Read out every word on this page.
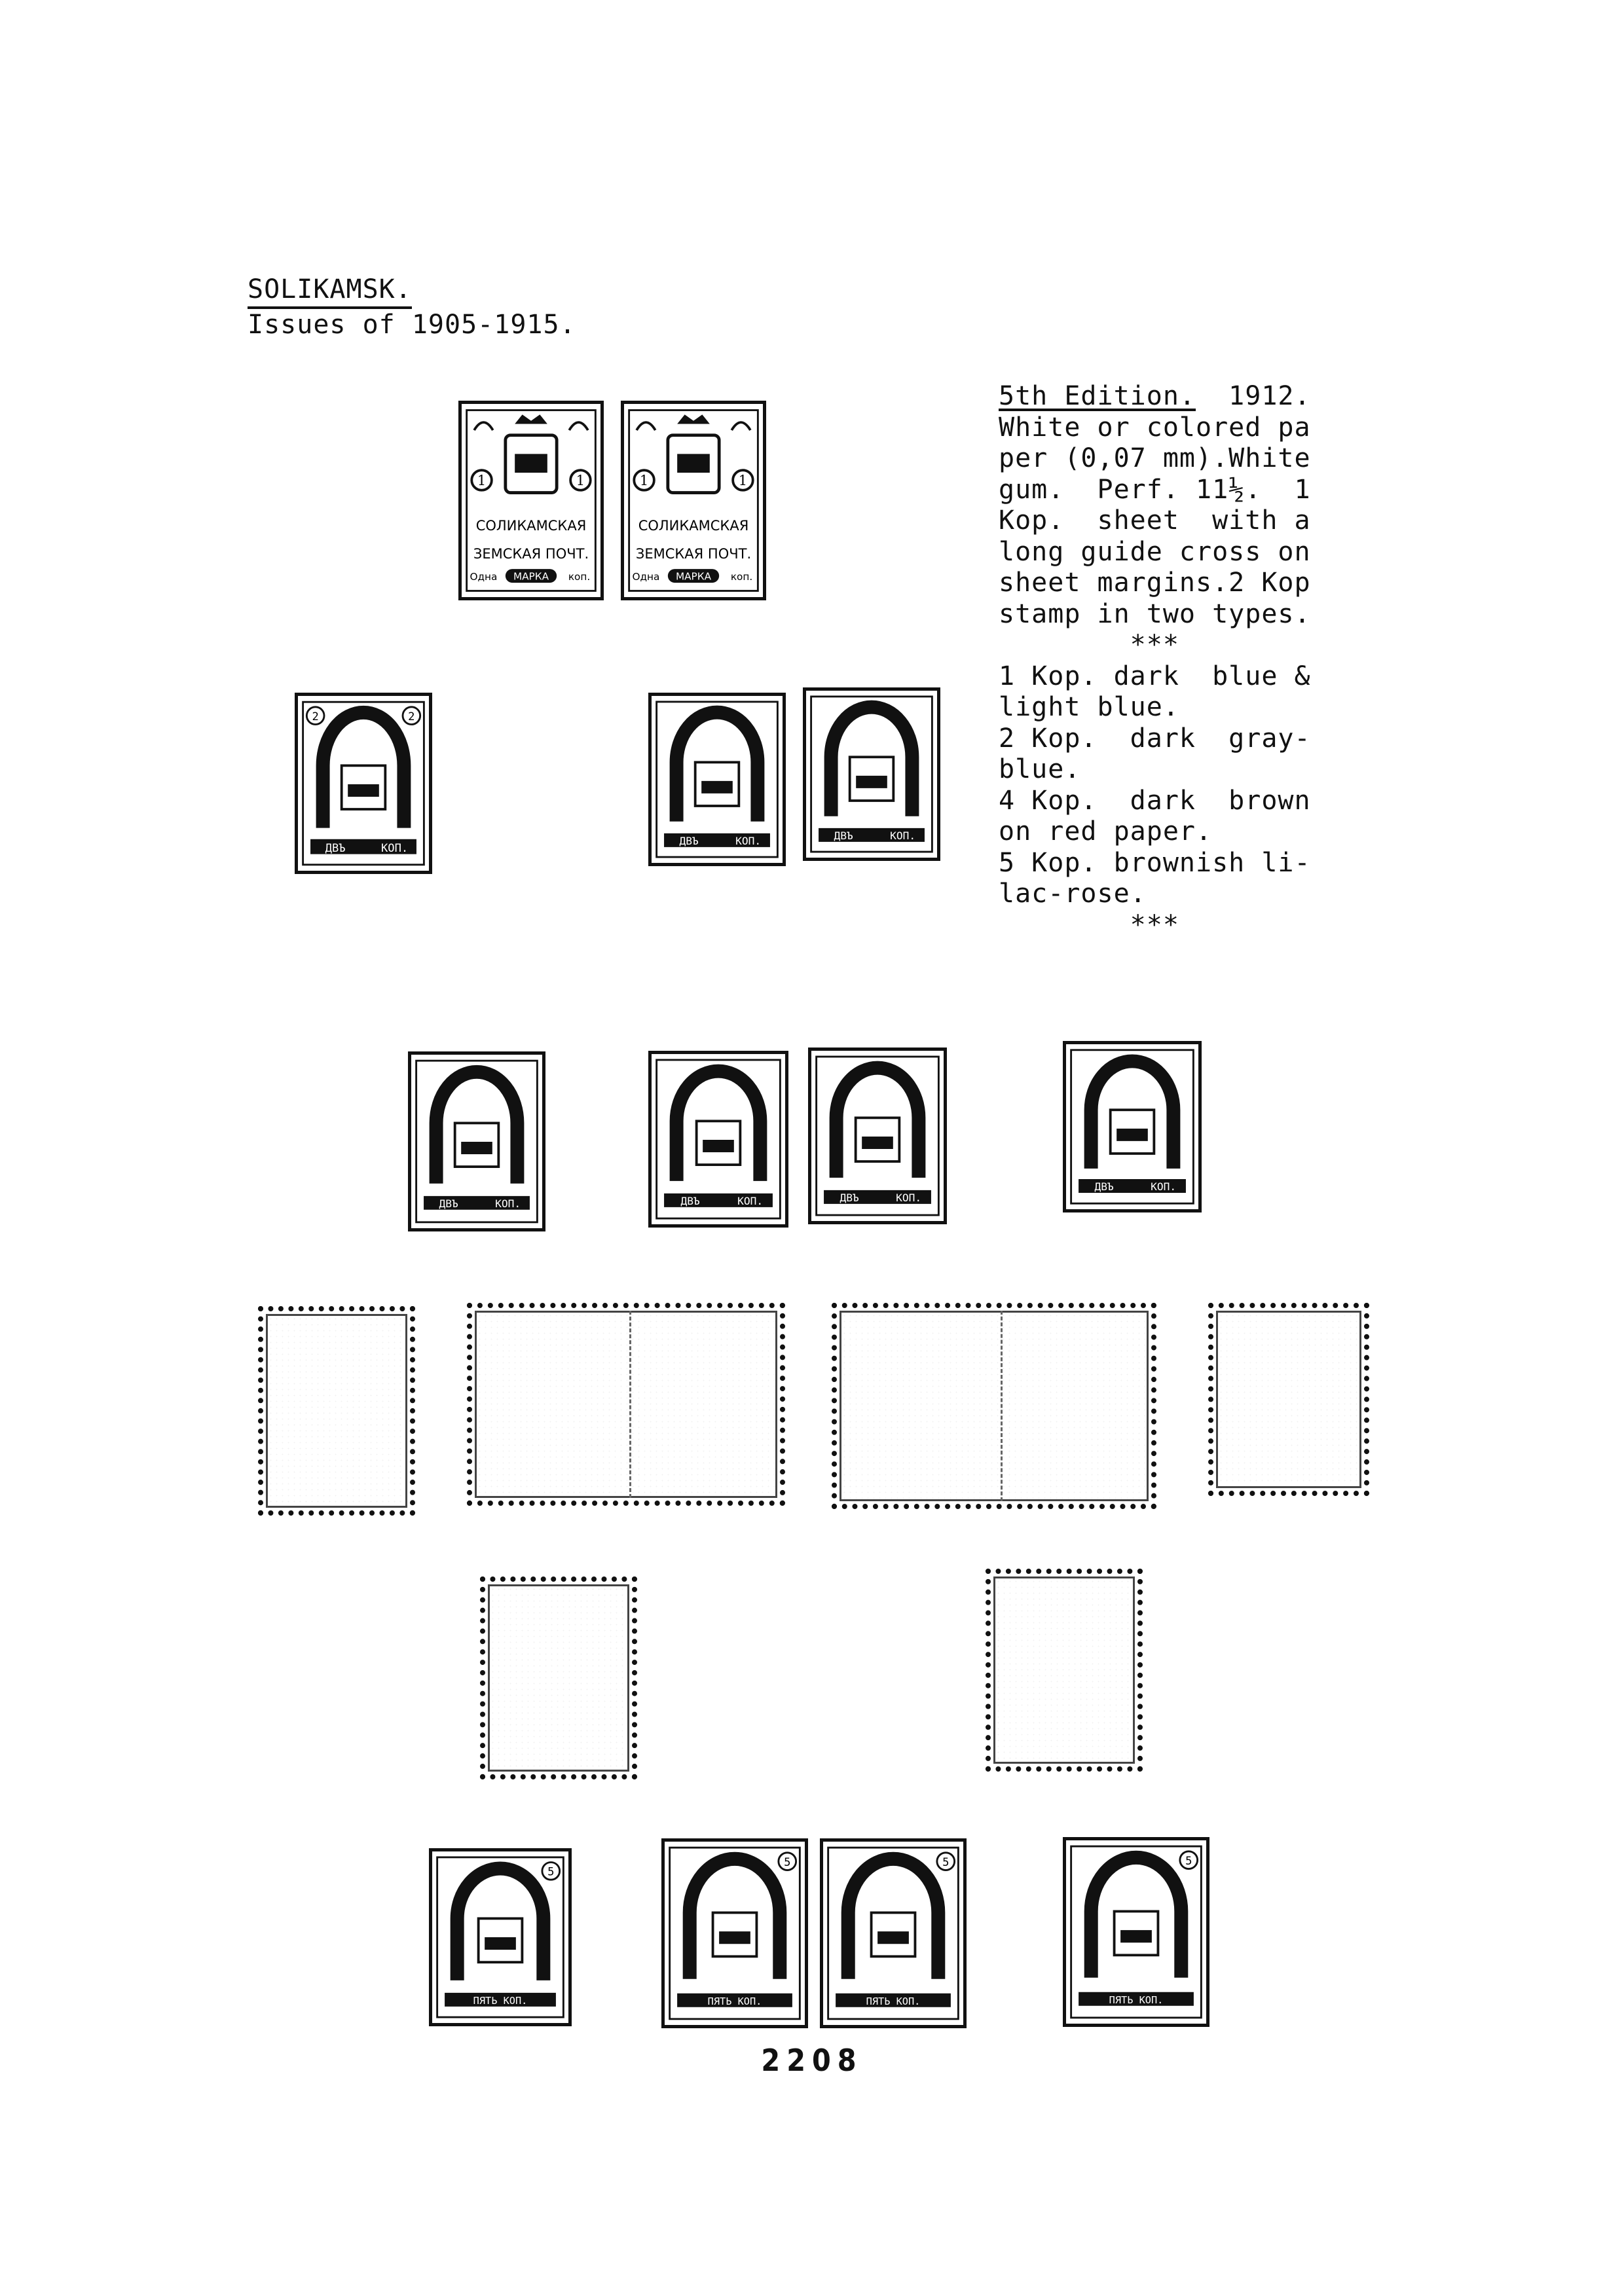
SOLIKAMSK.
Issues of 1905-1915.
5th Edition. 1912.
White or colored pa
per (0,07 mm).White
gum.  Perf. 11½.  1
Kop.  sheet  with a
long guide cross on
sheet margins.2 Kop
stamp in two types.
***
1 Kop. dark  blue &
light blue.
2 Kop.  dark  gray-
blue.
4 Kop.  dark  brown
on red paper.
5 Kop. brownish li-
lac-rose.
***
1	1
СОЛИКАМСКАЯ
ЗЕМСКАЯ ПОЧТ.
МАРКА
Одна	коп.
1	1
СОЛИКАМСКАЯ
ЗЕМСКАЯ ПОЧТ.
МАРКА
Одна	коп.
2	2
ДВЪ	КОП.
ДВЪ	КОП.	ДВЪ	КОП.
ДВЪ	КОП.	ДВЪ	КОП.	ДВЪ	КОП.
ДВЪ	КОП.
5
ПЯТЬ КОП.
5
ПЯТЬ КОП.
5
ПЯТЬ КОП.
5
ПЯТЬ КОП.
2208
